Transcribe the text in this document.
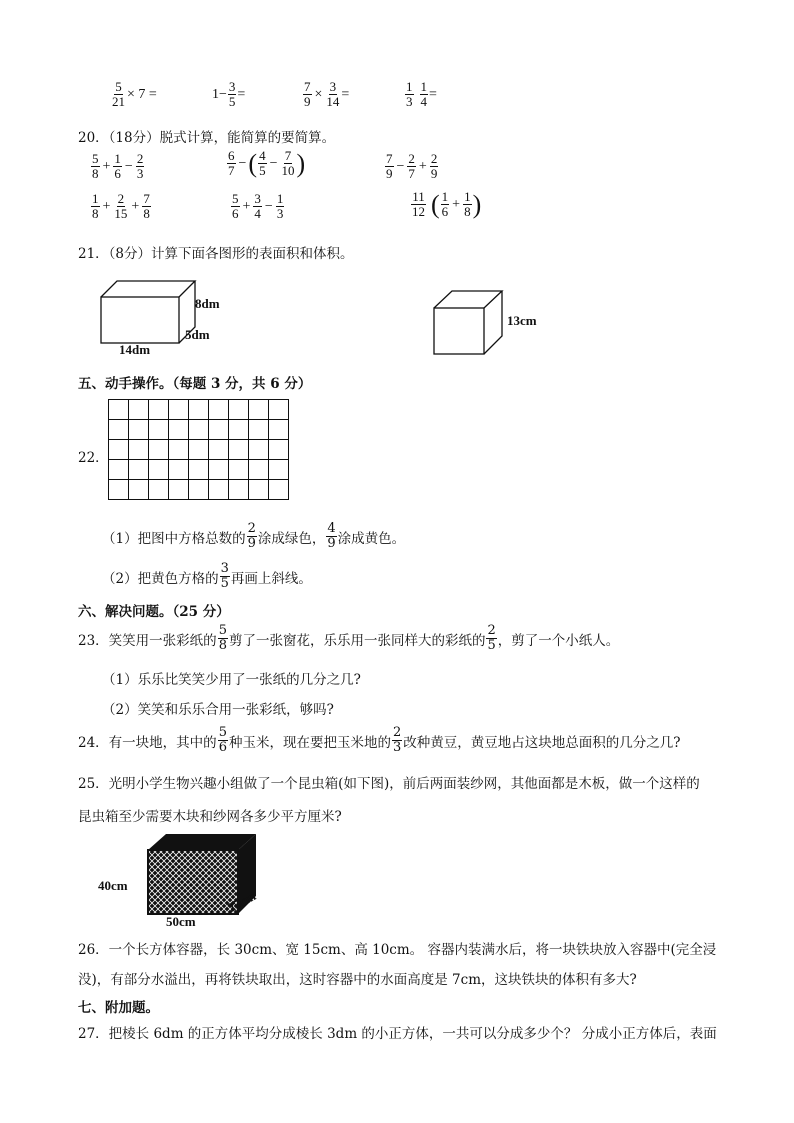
$\frac{5}{21} \times 7$ =	$1- \frac{3}{5}$ =	$\frac{7}{9} \times \frac{3}{14}$ =	$\frac{1}{3} \frac{1}{4}$ =
20．（18分）脱式计算，能简算的要简算。
$\frac{5}{8} + \frac{1}{6} - \frac{2}{3}$	$\frac{6}{7}$ − ( $\frac{4}{5} - \frac{7}{10}$ )	$\frac{7}{9} - \frac{2}{7} + \frac{2}{9}$
$\frac{1}{8} + \frac{2}{15} + \frac{7}{8}$	$\frac{5}{6} + \frac{3}{4} - \frac{1}{3}$	$\frac{11}{12}$ ( $\frac{1}{6} + \frac{1}{8}$ )
21．（8分）计算下面各图形的表面积和体积。
8dm
5dm
14dm
13cm
五、动手操作。（每题 3 分，共 6 分）
22．

（1）把图中方格总数的 $\frac{2}{9}$ 涂成绿色， $\frac{4}{9}$ 涂成黄色。
（2）把黄色方格的 $\frac{3}{5}$ 再画上斜线。
六、解决问题。（25 分）
23．笑笑用一张彩纸的 $\frac{5}{8}$ 剪了一张窗花，乐乐用一张同样大的彩纸的 $\frac{2}{5}$ ，剪了一个小纸人。
（1）乐乐比笑笑少用了一张纸的几分之几?
（2）笑笑和乐乐合用一张彩纸，够吗?
24．有一块地，其中的 $\frac{5}{6}$ 种玉米，现在要把玉米地的 $\frac{2}{3}$ 改种黄豆，黄豆地占这块地总面积的几分之几?
25．光明小学生物兴趣小组做了一个昆虫箱(如下图)，前后两面装纱网，其他面都是木板，做一个这样的
昆虫箱至少需要木块和纱网各多少平方厘米?
40cm
50cm
25cm
26．一个长方体容器，长 30cm、宽 15cm、高 10cm。 容器内装满水后，将一块铁块放入容器中(完全浸
没)，有部分水溢出，再将铁块取出，这时容器中的水面高度是 7cm，这块铁块的体积有多大?
七、附加题。
27．把棱长 6dm 的正方体平均分成棱长 3dm 的小正方体，一共可以分成多少个？ 分成小正方体后，表面
